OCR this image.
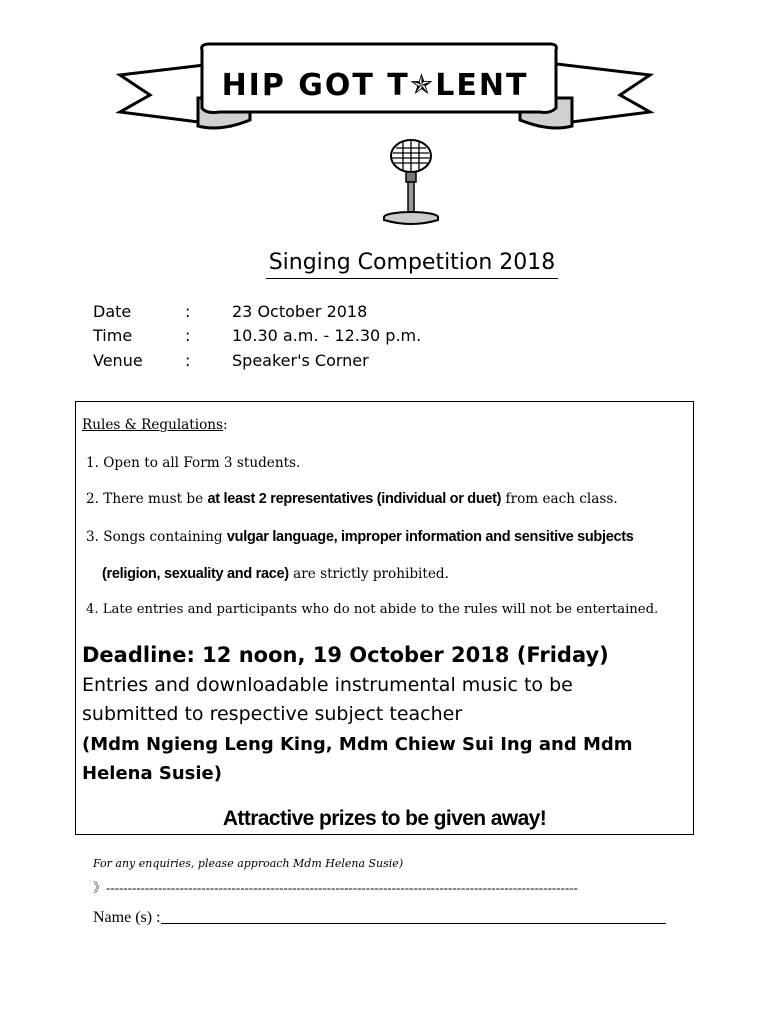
HIP GOT T✯LENT
Singing Competition 2018
Date	:	23 October 2018
Time	:	10.30 a.m. - 12.30 p.m.
Venue	:	Speaker's Corner
Rules & Regulations:
1. Open to all Form 3 students.
2. There must be at least 2 representatives (individual or duet) from each class.
3. Songs containing vulgar language, improper information and sensitive subjects
(religion, sexuality and race) are strictly prohibited.
4. Late entries and participants who do not abide to the rules will not be entertained.
Deadline: 12 noon, 19 October 2018 (Friday)
Entries and downloadable instrumental music to be
submitted to respective subject teacher
(Mdm Ngieng Leng King, Mdm Chiew Sui Ing and Mdm
Helena Susie)
Attractive prizes to be given away!
For any enquiries, please approach Mdm Helena Susie)
》-------------------------------------------------------------------------------------------------------------
Name (s) :
